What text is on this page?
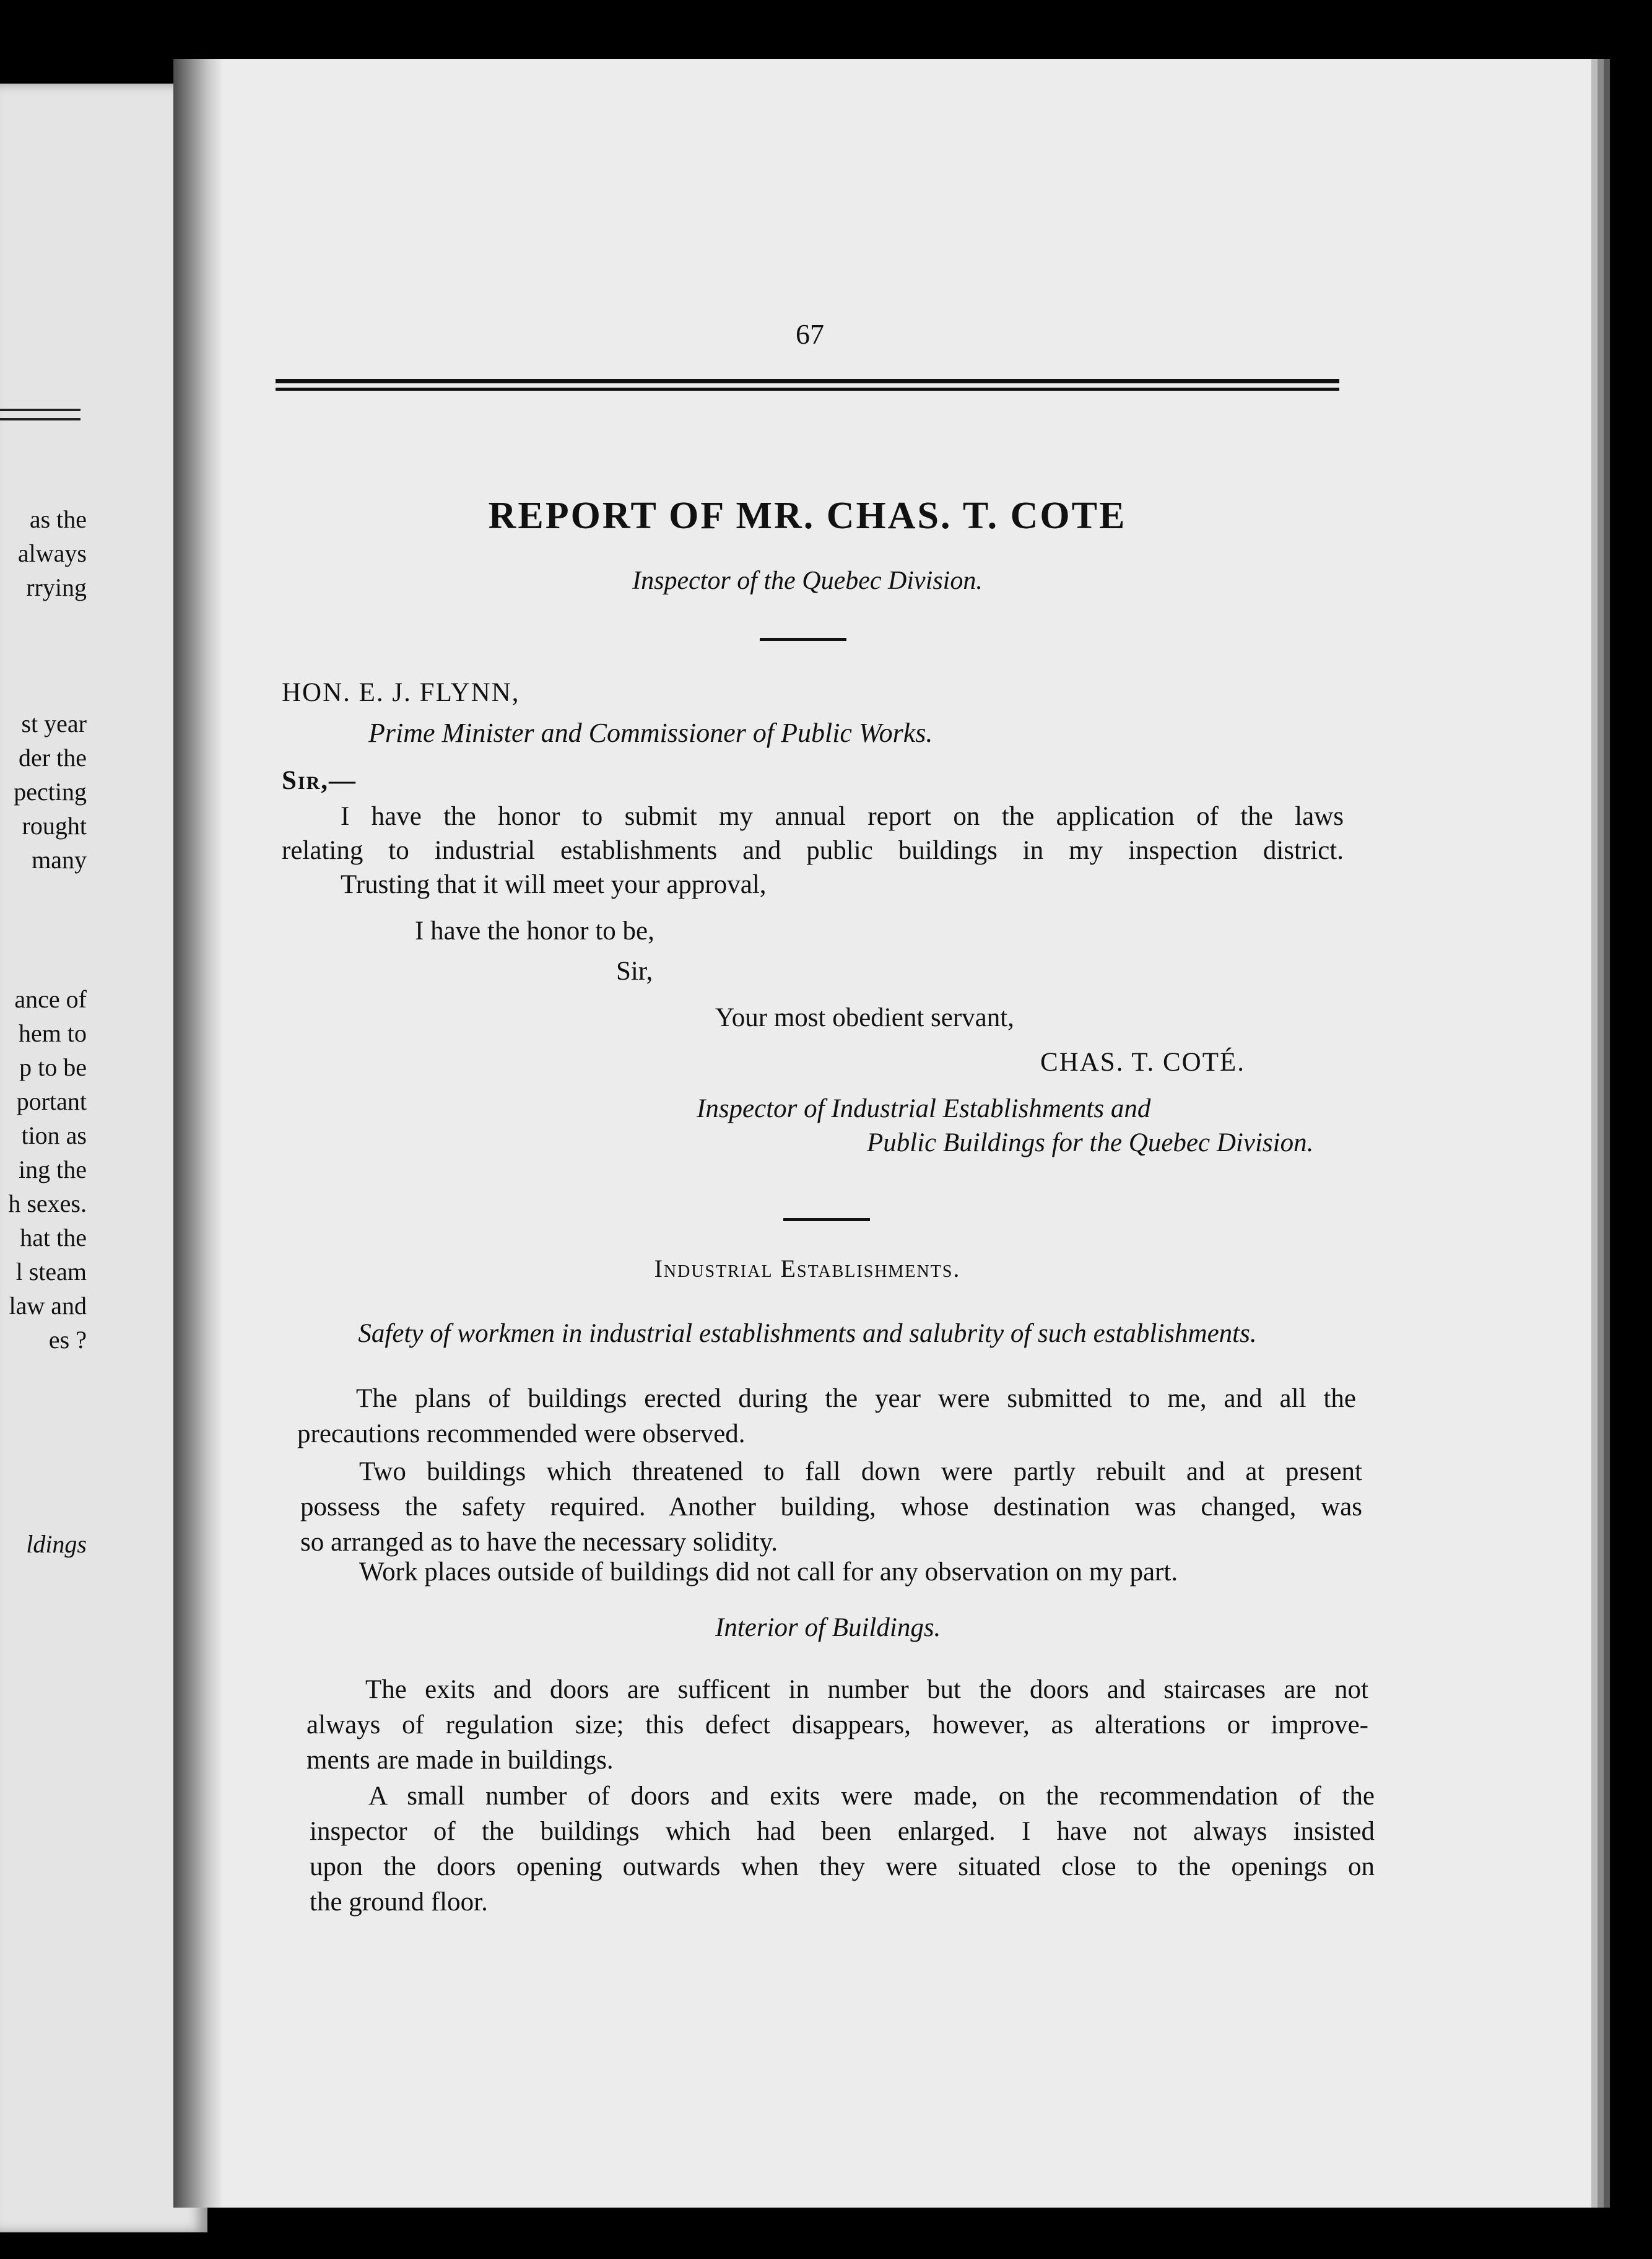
as the
always
rrying
st year
der the
pecting
rought
many
ance of
hem to
p to be
portant
tion as
ing the
h sexes.
hat the
l steam
law and
es ?
ldings
67
REPORT OF MR. CHAS. T. COTE
Inspector of the Quebec Division.
HON. E. J. FLYNN,
Prime Minister and Commissioner of Public Works.
Sir,—
I have the honor to submit my annual report on the application of the laws
relating to industrial establishments and public buildings in my inspection district.
Trusting that it will meet your approval,
I have the honor to be,
Sir,
Your most obedient servant,
CHAS. T. COTÉ.
Inspector of Industrial Establishments and
Public Buildings for the Quebec Division.
Industrial Establishments.
Safety of workmen in industrial establishments and salubrity of such establishments.
The plans of buildings erected during the year were submitted to me, and all the
precautions recommended were observed.
Two buildings which threatened to fall down were partly rebuilt and at present
possess the safety required. Another building, whose destination was changed, was
so arranged as to have the necessary solidity.
Work places outside of buildings did not call for any observation on my part.
Interior of Buildings.
The exits and doors are sufficent in number but the doors and staircases are not
always of regulation size; this defect disappears, however, as alterations or improve-
ments are made in buildings.
A small number of doors and exits were made, on the recommendation of the
inspector of the buildings which had been enlarged. I have not always insisted
upon the doors opening outwards when they were situated close to the openings on
the ground floor.
